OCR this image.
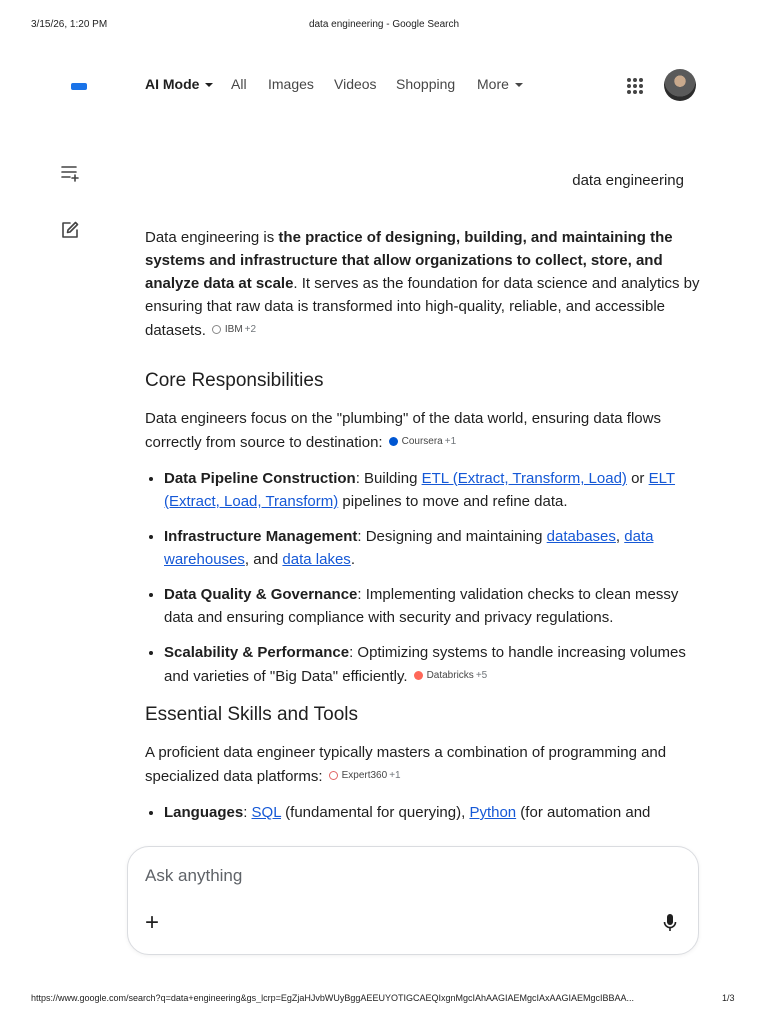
3/15/26, 1:20 PM	data engineering - Google Search
AI Mode	All Images Videos Shopping More
data engineering

Data engineering is the practice of designing, building, and maintaining the systems and infrastructure that allow organizations to collect, store, and analyze data at scale. It serves as the foundation for data science and analytics by ensuring that raw data is transformed into high-quality, reliable, and accessible datasets. IBM +2

Core Responsibilities

Data engineers focus on the "plumbing" of the data world, ensuring data flows correctly from source to destination: Coursera +1

• Data Pipeline Construction: Building ETL (Extract, Transform, Load) or ELT (Extract, Load, Transform) pipelines to move and refine data.
• Infrastructure Management: Designing and maintaining databases, data warehouses, and data lakes.
• Data Quality & Governance: Implementing validation checks to clean messy data and ensuring compliance with security and privacy regulations.
• Scalability & Performance: Optimizing systems to handle increasing volumes and varieties of "Big Data" efficiently. Databricks +5
Essential Skills and Tools

A proficient data engineer typically masters a combination of programming and specialized data platforms: Expert360 +1

• Languages: SQL (fundamental for querying), Python (for automation and
Ask anything
+
https://www.google.com/search?q=data+engineering&gs_lcrp=EgZjaHJvbWUyBggAEEUYOTIGCAEQIxgnMgcIAhAAGIAEMgcIAxAAGIAEMgcIBBAA...	1/3
